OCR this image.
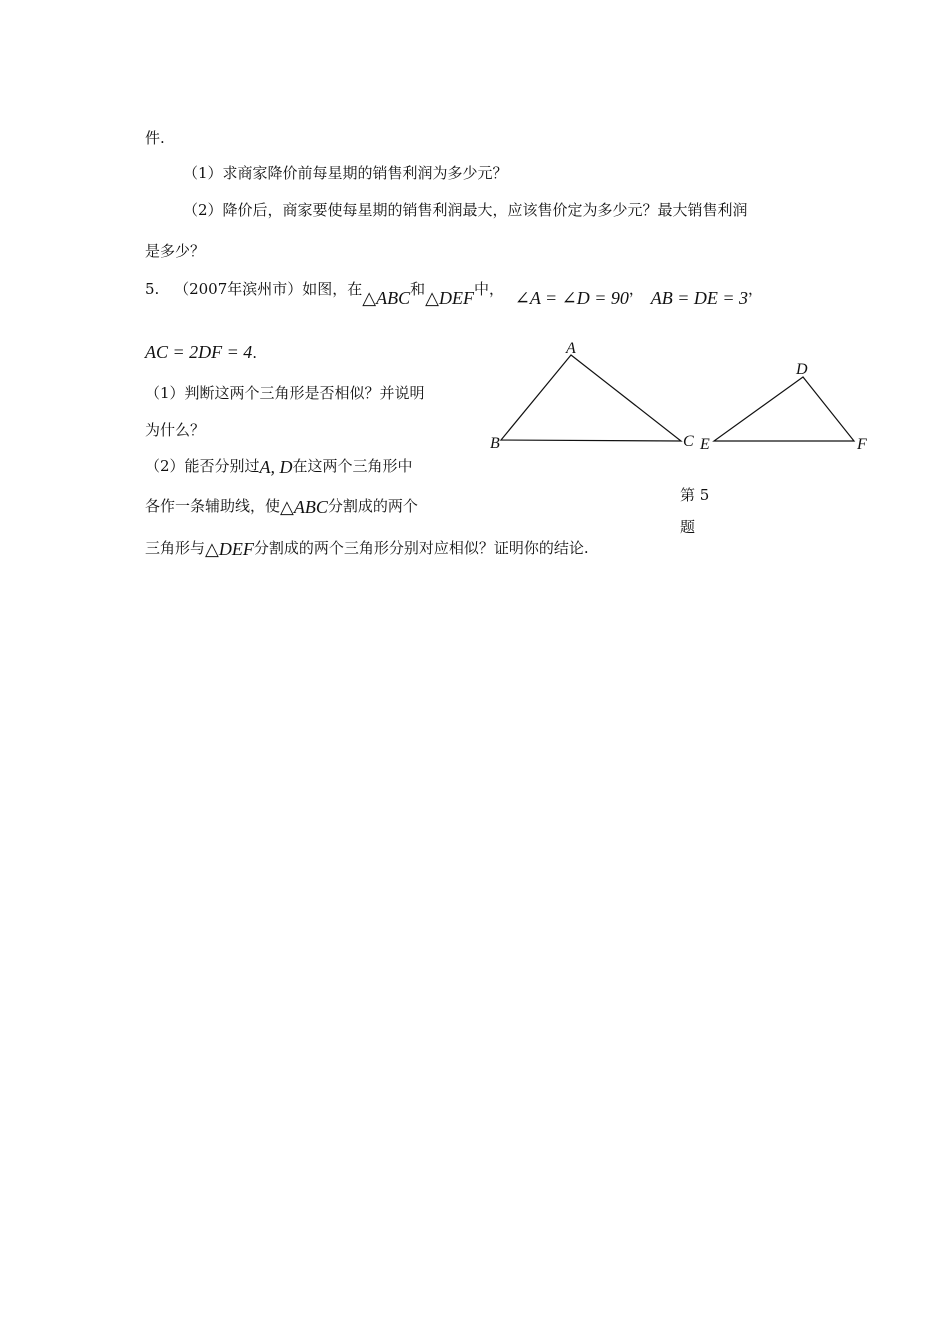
件.
（1）求商家降价前每星期的销售利润为多少元？
（2）降价后，商家要使每星期的销售利润最大，应该售价定为多少元？最大销售利润
是多少？
5. （2007年滨州市）如图，在△ABC和△DEF中， ∠A = ∠D = 90， AB = DE = 3，
AC = 2DF = 4.
（1）判断这两个三角形是否相似？并说明
为什么？
（2）能否分别过A, D在这两个三角形中
各作一条辅助线，使△ABC分割成的两个
三角形与△DEF分割成的两个三角形分别对应相似？证明你的结论.
A
B	C
D
E	F
第 5
题
